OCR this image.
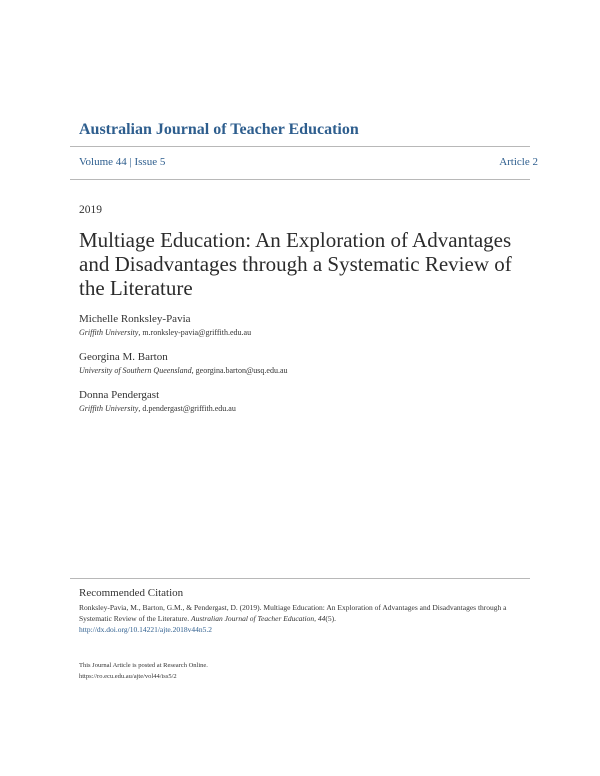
Australian Journal of Teacher Education
Volume 44 | Issue 5	Article 2
2019
Multiage Education: An Exploration of Advantages and Disadvantages through a Systematic Review of the Literature
Michelle Ronksley-Pavia
Griffith University, m.ronksley-pavia@griffith.edu.au
Georgina M. Barton
University of Southern Queensland, georgina.barton@usq.edu.au
Donna Pendergast
Griffith University, d.pendergast@griffith.edu.au
Recommended Citation
Ronksley-Pavia, M., Barton, G.M., & Pendergast, D. (2019). Multiage Education: An Exploration of Advantages and Disadvantages through a Systematic Review of the Literature. Australian Journal of Teacher Education, 44(5).
http://dx.doi.org/10.14221/ajte.2018v44n5.2
This Journal Article is posted at Research Online.
https://ro.ecu.edu.au/ajte/vol44/iss5/2
